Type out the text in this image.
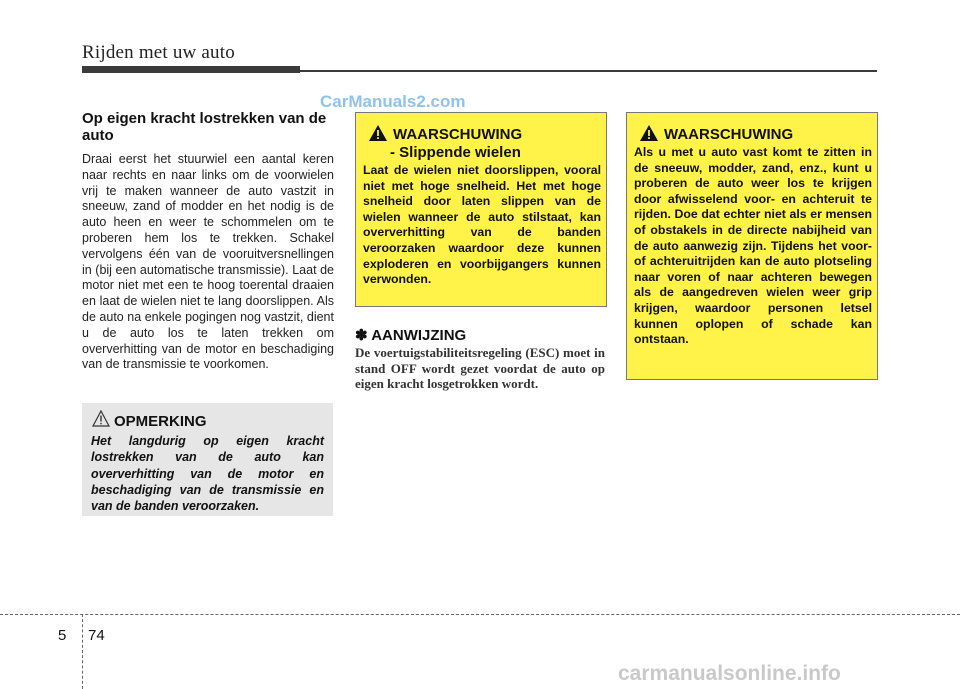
Rijden met uw auto
CarManuals2.com
Op eigen kracht lostrekken van de auto
Draai eerst het stuurwiel een aantal keren naar rechts en naar links om de voorwielen vrij te maken wanneer de auto vastzit in sneeuw, zand of modder en het nodig is de auto heen en weer te schommelen om te proberen hem los te trekken. Schakel vervolgens één van de vooruitversnellingen in (bij een automatische transmissie). Laat de motor niet met een te hoog toerental draaien en laat de wielen niet te lang doorslippen. Als de auto na enkele pogingen nog vastzit, dient u de auto los te laten trekken om oververhitting van de motor en beschadiging van de transmissie te voorkomen.
OPMERKING
Het langdurig op eigen kracht lostrekken van de auto kan oververhitting van de motor en beschadiging van de transmissie en van de banden veroorzaken.
WAARSCHUWING
- Slippende wielen
Laat de wielen niet doorslippen, vooral niet met hoge snelheid. Het met hoge snelheid door laten slippen van de wielen wanneer de auto stilstaat, kan oververhitting van de banden veroorzaken waardoor deze kunnen exploderen en voorbijgangers kunnen verwonden.
✽ AANWIJZING
De voertuigstabiliteitsregeling (ESC) moet in stand OFF wordt gezet voordat de auto op eigen kracht losgetrokken wordt.
WAARSCHUWING
Als u met u auto vast komt te zitten in de sneeuw, modder, zand, enz., kunt u proberen de auto weer los te krijgen door afwisselend voor- en achteruit te rijden. Doe dat echter niet als er mensen of obstakels in de directe nabijheid van de auto aanwezig zijn. Tijdens het voor- of achteruitrijden kan de auto plotseling naar voren of naar achteren bewegen als de aangedreven wielen weer grip krijgen, waardoor personen letsel kunnen oplopen of schade kan ontstaan.
5 74
carmanualsonline.info
